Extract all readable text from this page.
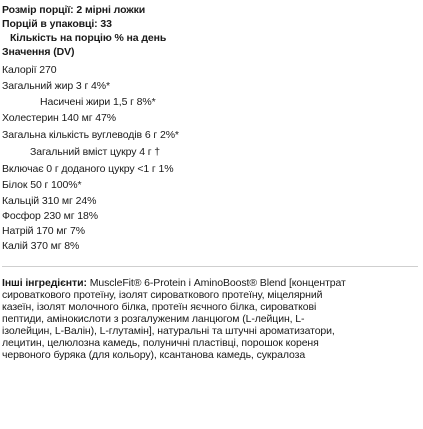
Розмір порції: 2 мірні ложки
Порцій в упаковці: 33
Кількість на порцію % на день
Значення (DV)
Калорії 270
Загальний жир 3 г 4%*
Насичені жири 1,5 г 8%*
Холестерин 140 мг 47%
Загальна кількість вуглеводів 6 г 2%*
Загальний вміст цукру 4 г †
Включає 0 г доданого цукру <1 г 1%
Білок 50 г 100%*
Кальцій 310 мг 24%
Фосфор 230 мг 18%
Натрій 170 мг 7%
Калій 370 мг 8%
Інші інгредієнти: MuscleFit® 6-Protein і AminoBoost® Blend [концентрат
сироваткового протеїну, ізолят сироваткового протеїну, міцелярний
казеїн, ізолят молочного білка, протеїн яєчного білка, сироваткові
пептиди, амінокислоти з розгалуженим ланцюгом (L-лейцин, L-
ізолейцин, L-Валін), L-глутамін], натуральні та штучні ароматизатори,
лецитин, целюлозна камедь, полуничні пластівці, порошок кореня
червоного буряка (для кольору), ксантанова камедь, сукралоза
